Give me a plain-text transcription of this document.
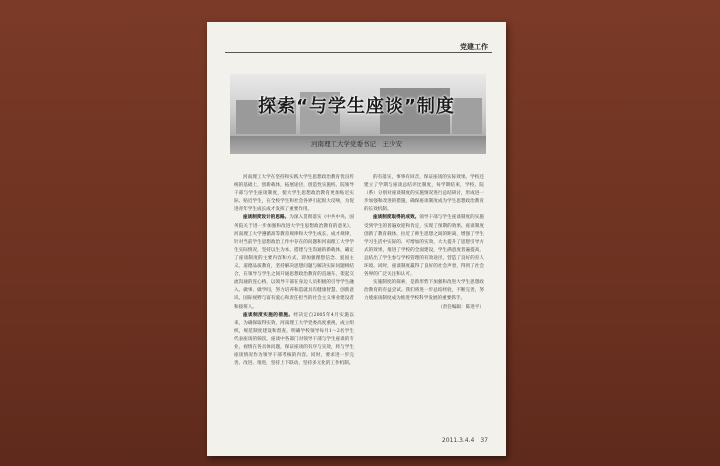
党建工作
探索“与学生座谈”制度
河南理工大学党委书记　王少安

河南理工大学在坚持和实践大学生思想政治教育优良传统的基础上，创新载体，拓展途径，创造性实施校、院领导干部与学生座谈制度，使大学生思想政治教育更加贴近实际、贴近学生，在全校学生和社会各界引起很大反响，为促进青年学生成长成才发挥了重要作用。

座谈制度设计的思路。为深入贯彻落实《中共中央、国务院关于进一步加强和改进大学生思想政治教育的意见》，河南理工大学遵循高等教育规律和大学生成长、成才规律，针对当前学生思想政治工作中存在的问题和河南理工大学学生实际情况，坚持以生为本，搭建与生沟通的新载体，确定了座谈制度的主要内容和方式，即加强理想信念、爱国主义、道德品质教育，坚持解决思想问题与解决实际问题相结合，在领导与学生之间开通思想政治教育的直通车，架起交流沟通的连心桥，以领导干部在身边人员积极的引导学生融入、做事、做学问，努力培养和造就具有健康智慧、创新意识、国际视野与富有爱心和责任担当的社会主义事业建设者和接班人。

座谈制度实施的措施。经决定自2005年4月实施以来，为确保取得实效，河南理工大学党委高度重视，成立组织，规范制度建设和督查，明确学校领导每月1～2名学生代表座谈的频次，座谈中各部门对领导干部与学生座谈的专业，视情在各具体问题，保证座谈的有序与实效，将与学生座谈情况作为领导干部考核的内容。同时，要求进一步完善、改进、推进，坚持上下联动，坚持多元化的工作机制。

的有落实，事事有回音，保证座谈的实际效果。学校还建立了学期与座谈总结评比制度，每学期结束，学校、院（系）分别对座谈制度的实施情况进行总结研讨，形成进一步加强和改进的措施，确保座谈制度成为学生思想政治教育的长效机制。

座谈制度取得的成效。领导干部与学生座谈制度的实施受到学生的普遍欢迎和肯定，实现了预期的效果。座谈制度创新了教育载体，拉近了师生思想之间的距离，增强了学生学习生活中实际的、可增加的实效，大大提升了思想引导方式的效果，推进了学校的全面建设，学生满意度普遍提高，总结出了学生参与学校管理的有效途径，营造了良好的育人环境。同时，座谈制度赢得了良好的社会声誉，得到了社会各界的广泛关注和认可。

实施制度的探索，是新形势下加强和改进大学生思想政治教育的有益尝试。我们将进一步总结经验，不断完善，努力使座谈制度成为推进学校科学发展的重要抓手。

（责任编辑：陈进平）

2011.3.4.4　37
